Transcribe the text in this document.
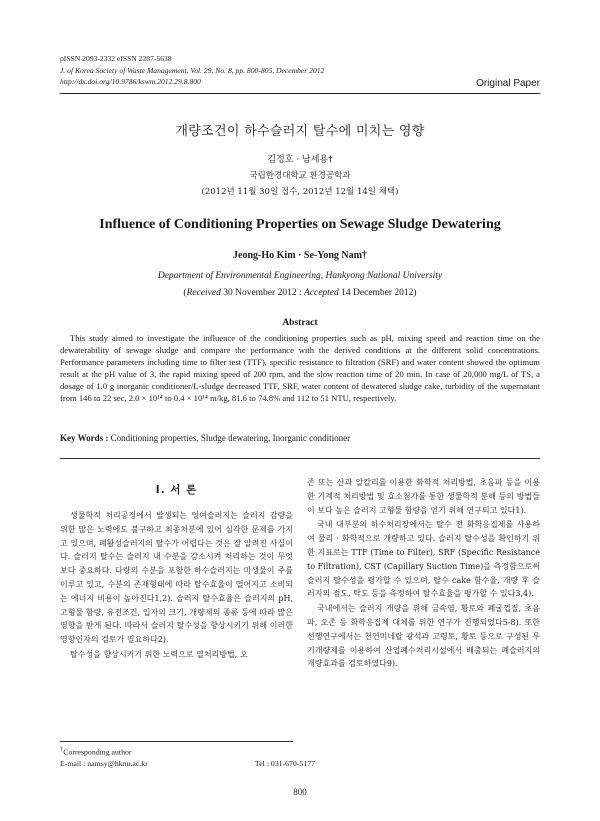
pISSN 2093-2332 eISSN 2287-5638
J. of Korea Society of Waste Management, Vol. 29, No. 8, pp. 800-805, December 2012
http://dx.doi.org/10.9786/kswm.2012.29.8.800	Original Paper
개량조건이 하수슬러지 탈수에 미치는 영향
김정호 · 남세용†
국립한경대학교 환경공학과
(2012년 11월 30일 접수, 2012년 12월 14일 채택)
Influence of Conditioning Properties on Sewage Sludge Dewatering
Jeong-Ho Kim · Se-Yong Nam†
Department of Environmental Engineering, Hankyong National University
(Received 30 November 2012 : Accepted 14 December 2012)
Abstract
This study aimed to investigate the influence of the conditioning properties such as pH, mixing speed and reaction time on the dewaterability of sewage sludge and compare the performance with the derived conditions at the different solid concentrations. Performance parameters including time to filter test (TTF), specific resistance to filtration (SRF) and water content showed the optimum result at the pH value of 3, the rapid mixing speed of 200 rpm, and the slow reaction time of 20 min. In case of 20,000 mg/L of TS, a dosage of 1.0 g inorganic conditioner/L-sludge decreased TTF, SRF, water content of dewatered sludge cake, turbidity of the supernatant from 146 to 22 sec, 2.0 × 10¹⁴ to 0.4 × 10¹⁴ m/kg, 81.6 to 74.8% and 112 to 51 NTU, respectively.
Key Words : Conditioning properties, Sludge dewatering, Inorganic conditioner
I. 서 론

생물학적 처리공정에서 발생되는 잉여슬러지는 슬러지 감량을 위한 많은 노력에도 불구하고 최종처분에 있어 심각한 문제를 가지고 있으며, 폐활성슬러지의 탈수가 어렵다는 것은 잘 알려진 사실이다. 슬러지 탈수는 슬러지 내 수분을 감소시켜 처리하는 것이 무엇보다 중요하다. 다량의 수분을 포함한 하수슬러지는 미생물이 주를 이루고 있고, 수분의 존재형태에 따라 탈수효율이 떨어지고 소비되는 에너지 비용이 높아진다1,2). 슬러지 탈수효율은 슬러지의 pH, 고형물 함량, 유전조건, 입자의 크기, 개량제의 종류 등에 따라 많은 영향을 받게 된다. 따라서 슬러지 탈수성을 향상시키기 위해 이러한 영향인자의 검토가 필요하다2).

탈수성을 향상시키기 위한 노력으로 열처리방법, 오

존 또는 산과 알칼리를 이용한 화학적 처리방법, 초음파 등을 이용한 기계적 처리방법 및 효소첨가를 통한 생물학적 분해 등의 방법들이 보다 높은 슬러지 고형물 함량을 얻기 위해 연구되고 있다1).

국내 대부분의 하수처리장에서는 탈수 전 화학응집제를 사용하여 물리 · 화학적으로 개량하고 있다. 슬러지 탈수성을 확인하기 위한 지표로는 TTF (Time to Filter), SRF (Specific Resistance to Filtration), CST (Capillary Suction Time)을 측정함으로써 슬러지 탈수성을 평가할 수 있으며, 탈수 cake 함수율, 개량 후 슬러지의 점도, 탁도 등을 측정하여 탈수효율을 평가할 수 있다3,4).

국내에서는 슬러지 개량을 위해 금속염, 황토와 폐굴껍질, 초음파, 오존 등 화학응집제 대체를 위한 연구가 진행되었다5-8). 또한 선행연구에서는 천연미네랄 광석과 고령토, 황토 등으로 구성된 무기개량제를 이용하여 산업폐수처리시설에서 배출되는 폐슬러지의 개량효과를 검토하였다9).

†Corresponding author
E-mail : namsy@hknu.ac.kr	Tel : 031-670-5177
800
